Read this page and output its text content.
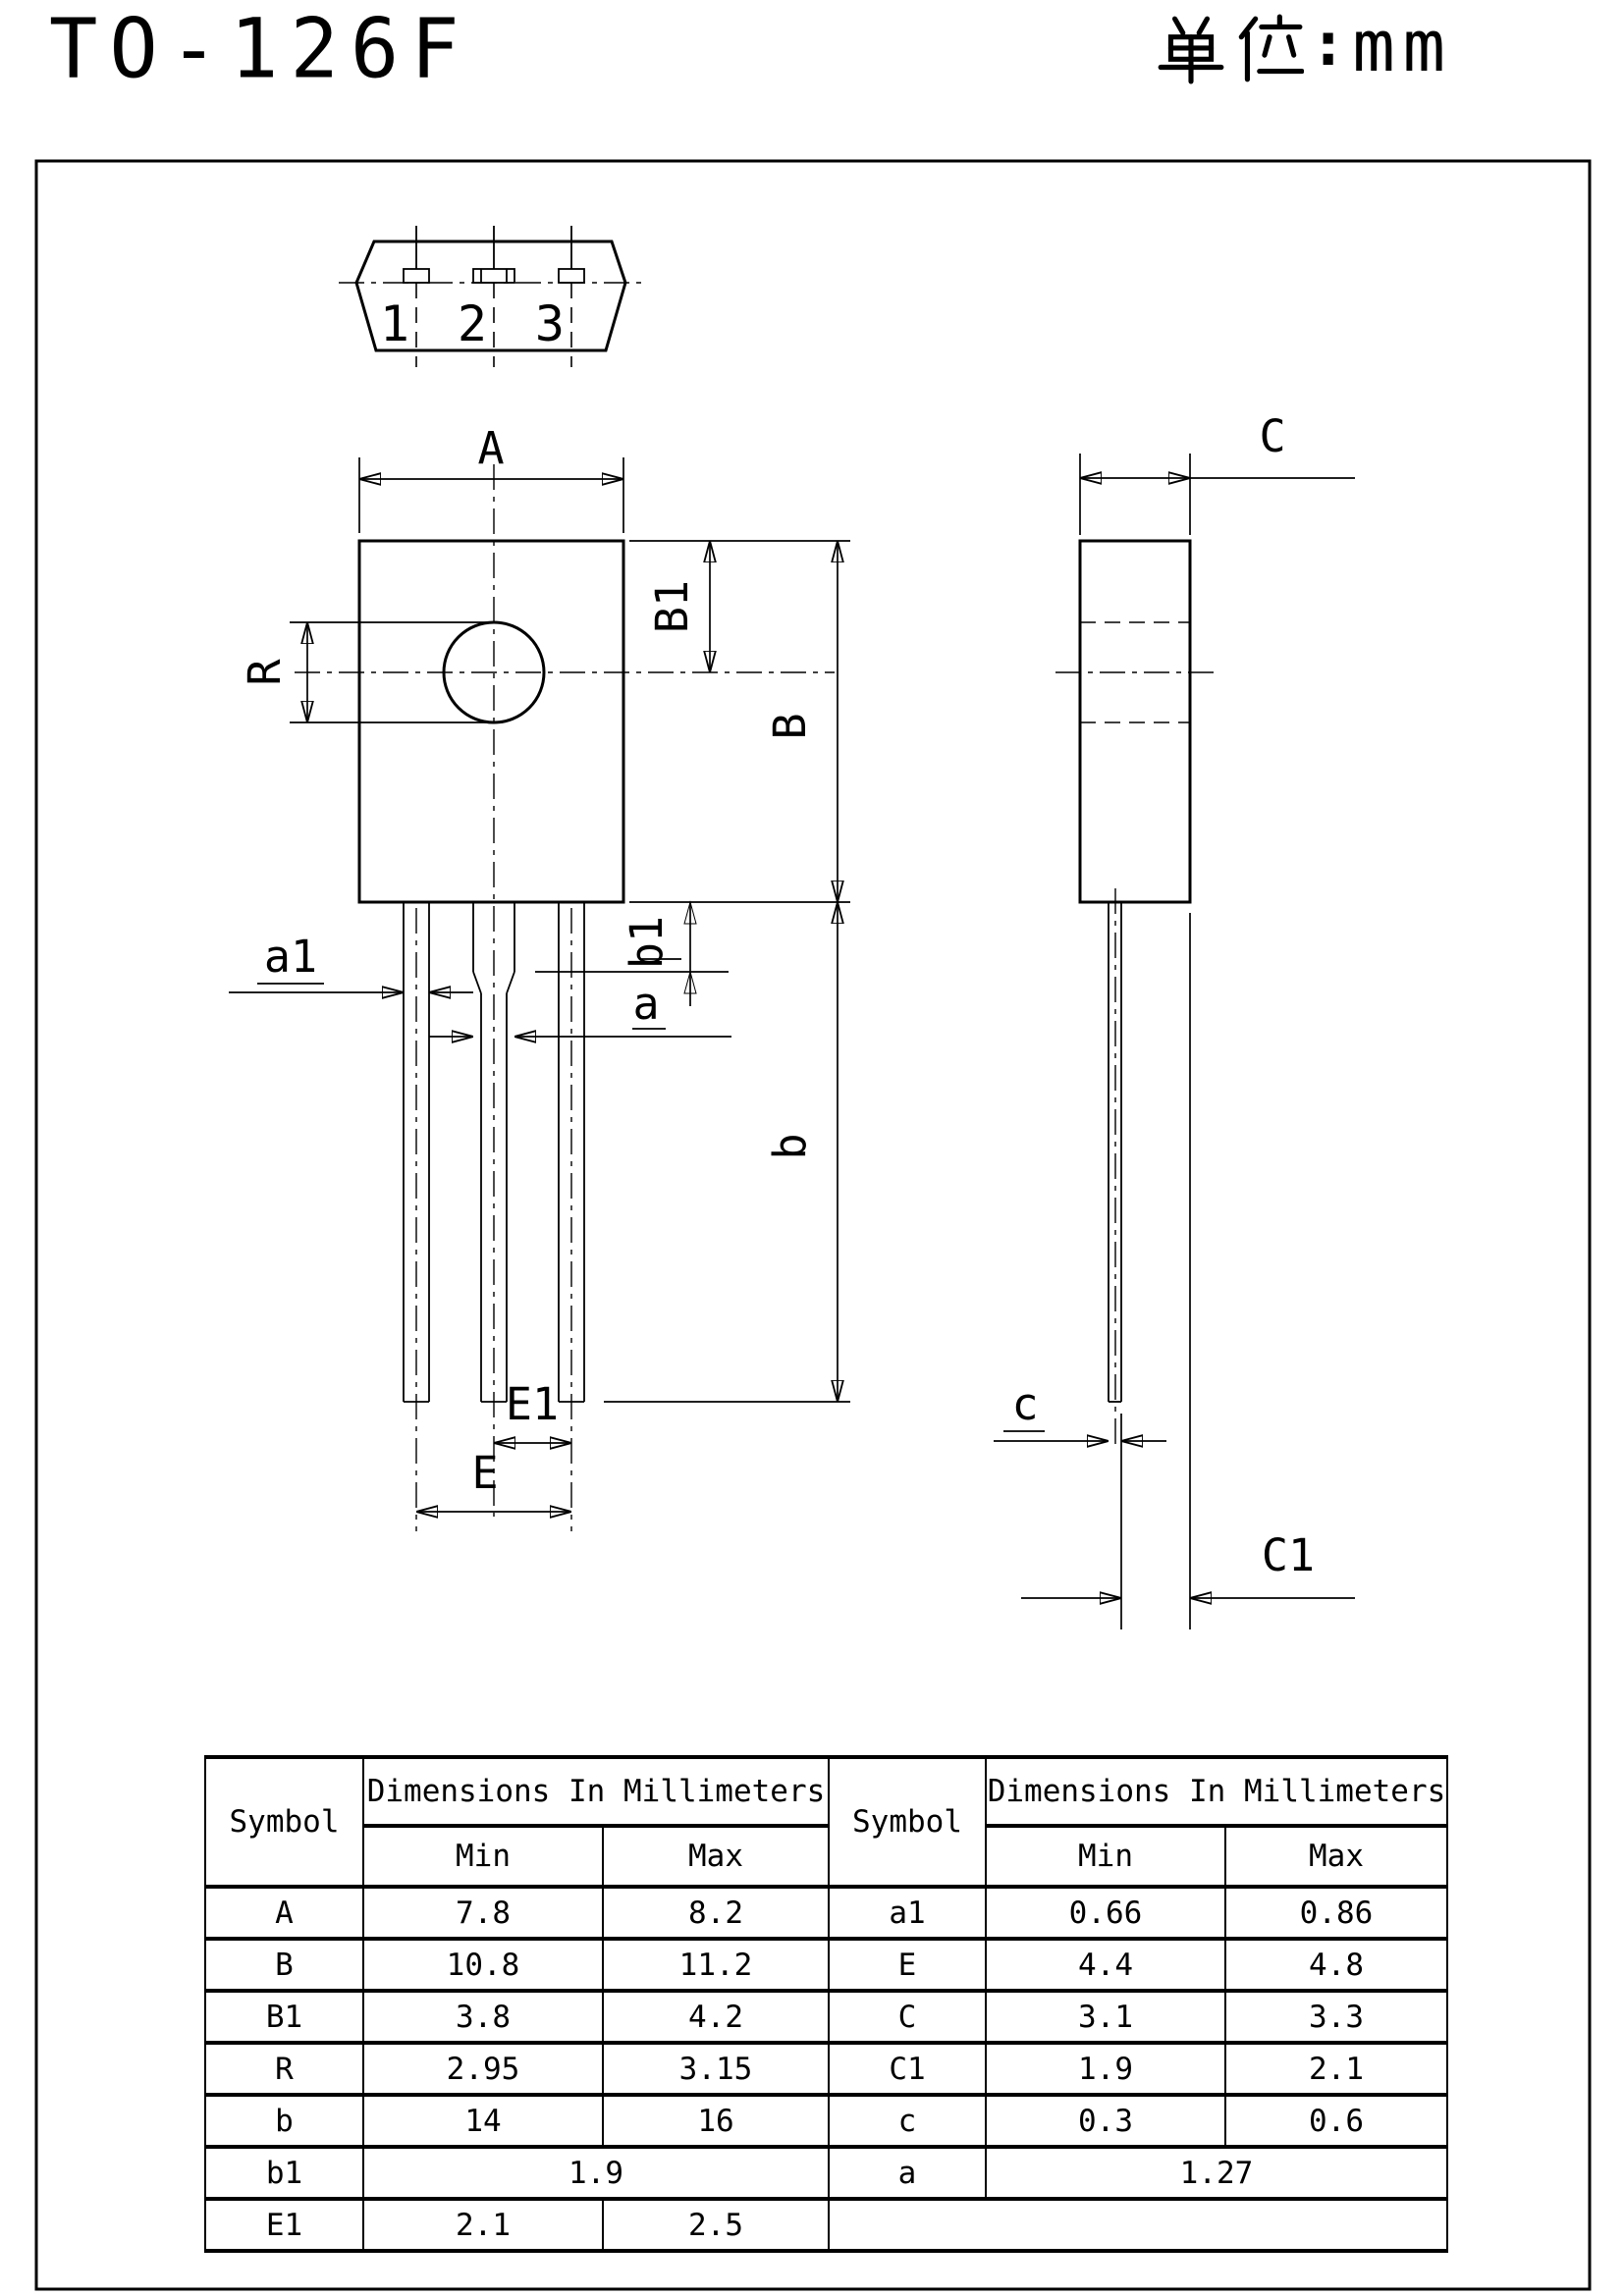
TO-126F	: mm
1 2 3
A
R
B1
B
b
b1
a1
a
E1
E
C
c
C1
Symbol	Dimensions In Millimeters		Symbol	Dimensions In Millimeters	
	Min	Max		Min	Max
A	7.8	8.2	a1	0.66	0.86
B	10.8	11.2	E	4.4	4.8
B1	3.8	4.2	C	3.1	3.3
R	2.95	3.15	C1	1.9	2.1
b	14	16	c	0.3	0.6
b1	1.9		a	1.27	
E1	2.1	2.5			
